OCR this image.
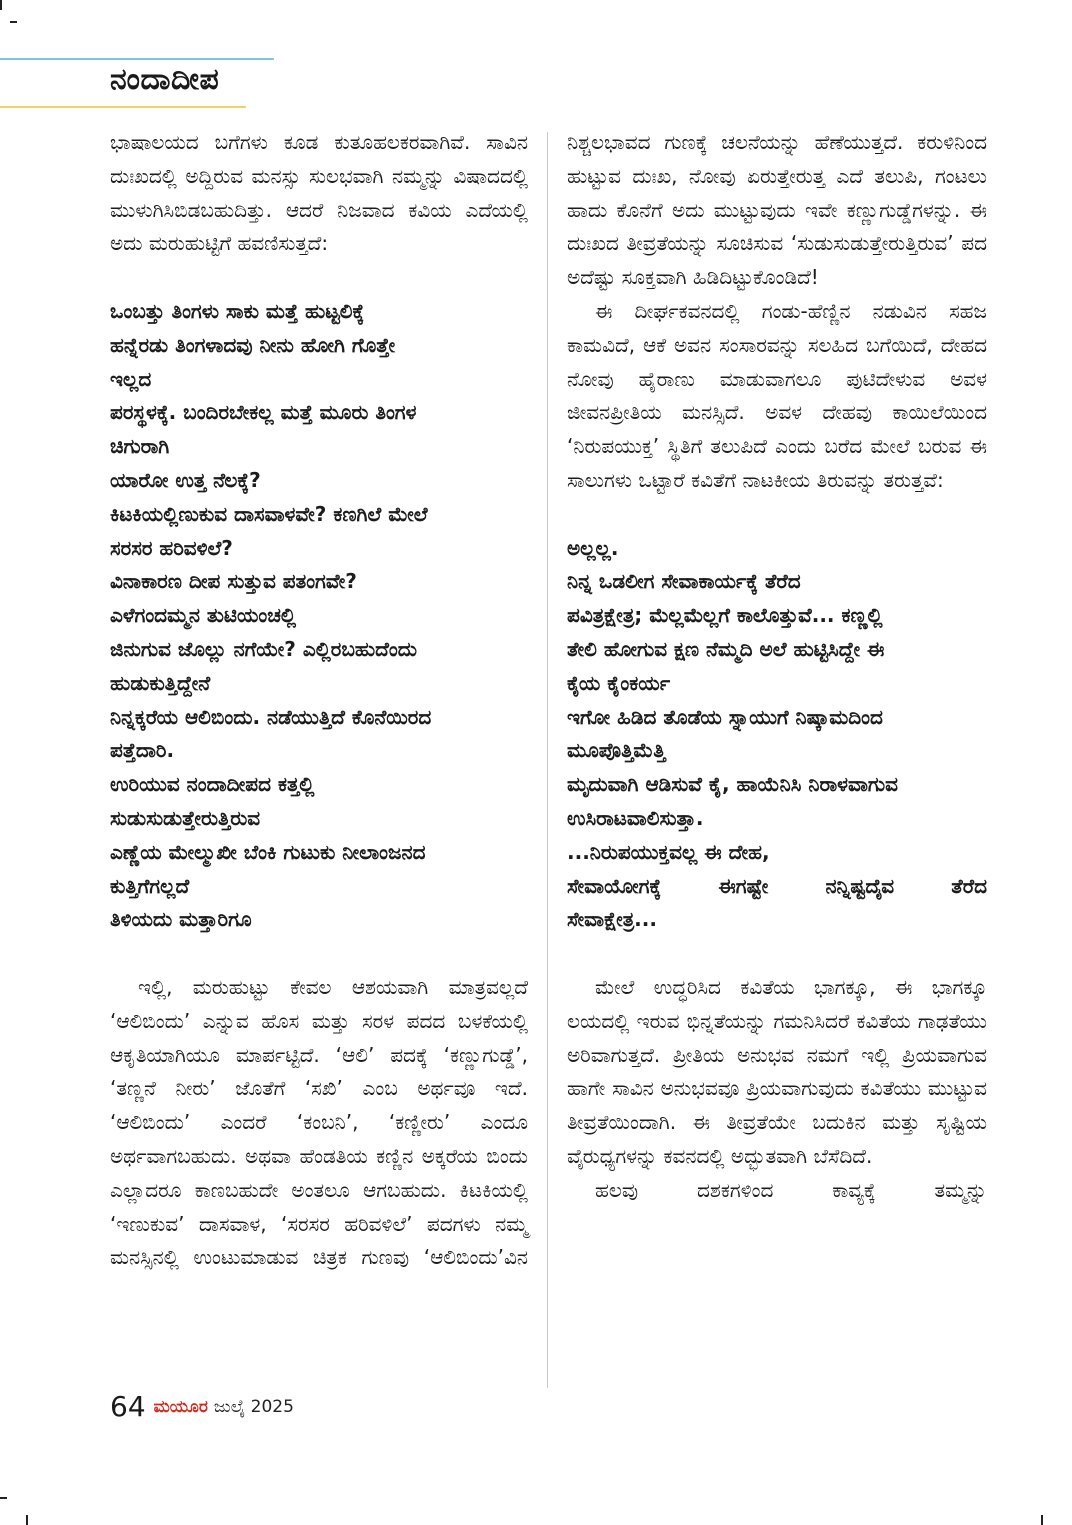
ನಂದಾದೀಪ

ಭಾಷಾಲಯದ ಬಗೆಗಳು ಕೂಡ ಕುತೂಹಲಕರವಾಗಿವೆ. ಸಾವಿನ ದುಃಖದಲ್ಲಿ ಅದ್ದಿರುವ ಮನಸ್ಸು ಸುಲಭವಾಗಿ ನಮ್ಮನ್ನು ವಿಷಾದದಲ್ಲಿ ಮುಳುಗಿಸಿಬಿಡಬಹುದಿತ್ತು. ಆದರೆ ನಿಜವಾದ ಕವಿಯ ಎದೆಯಲ್ಲಿ ಅದು ಮರುಹುಟ್ಟಿಗೆ ಹವಣಿಸುತ್ತದೆ:

ಒಂಬತ್ತು ತಿಂಗಳು ಸಾಕು ಮತ್ತೆ ಹುಟ್ಟಲಿಕ್ಕೆ
ಹನ್ನೆರಡು ತಿಂಗಳಾದವು ನೀನು ಹೋಗಿ ಗೊತ್ತೇ
ಇಲ್ಲದ
ಪರಸ್ಥಳಕ್ಕೆ. ಬಂದಿರಬೇಕಲ್ಲ ಮತ್ತೆ ಮೂರು ತಿಂಗಳ
ಚಿಗುರಾಗಿ
ಯಾರೋ ಉತ್ತ ನೆಲಕ್ಕೆ?
ಕಿಟಕಿಯಲ್ಲಿಣುಕುವ ದಾಸವಾಳವೇ? ಕಣಗಿಲೆ ಮೇಲೆ
ಸರಸರ ಹರಿವಳಿಲೆ?
ವಿನಾಕಾರಣ ದೀಪ ಸುತ್ತುವ ಪತಂಗವೇ?
ಎಳೆಗಂದಮ್ಮನ ತುಟಿಯಂಚಲ್ಲಿ
ಜಿನುಗುವ ಜೊಲ್ಲು ನಗೆಯೇ? ಎಲ್ಲಿರಬಹುದೆಂದು
ಹುಡುಕುತ್ತಿದ್ದೇನೆ
ನಿನ್ನಕ್ಕರೆಯ ಆಲಿಬಿಂದು. ನಡೆಯುತ್ತಿದೆ ಕೊನೆಯಿರದ
ಪತ್ತೆದಾರಿ.
ಉರಿಯುವ ನಂದಾದೀಪದ ಕತ್ತಲ್ಲಿ
ಸುಡುಸುಡುತ್ತೇರುತ್ತಿರುವ
ಎಣ್ಣೆಯ ಮೇಲ್ಮುಖೀ ಬೆಂಕಿ ಗುಟುಕು ನೀಲಾಂಜನದ
ಕುತ್ತಿಗೆಗಲ್ಲದೆ
ತಿಳಿಯದು ಮತ್ತಾರಿಗೂ

ಇಲ್ಲಿ, ಮರುಹುಟ್ಟು ಕೇವಲ ಆಶಯವಾಗಿ ಮಾತ್ರವಲ್ಲದೆ ‘ಆಲಿಬಿಂದು’ ಎನ್ನುವ ಹೊಸ ಮತ್ತು ಸರಳ ಪದದ ಬಳಕೆಯಲ್ಲಿ ಆಕೃತಿಯಾಗಿಯೂ ಮಾರ್ಪಟ್ಟಿದೆ. ‘ಆಲಿ’ ಪದಕ್ಕೆ ‘ಕಣ್ಣುಗುಡ್ಡೆ’, ‘ತಣ್ಣನೆ ನೀರು’ ಜೊತೆಗೆ ‘ಸಖಿ’ ಎಂಬ ಅರ್ಥವೂ ಇದೆ. ‘ಆಲಿಬಿಂದು’ ಎಂದರೆ ‘ಕಂಬನಿ’, ‘ಕಣ್ಣೀರು’ ಎಂದೂ ಅರ್ಥವಾಗಬಹುದು. ಅಥವಾ ಹೆಂಡತಿಯ ಕಣ್ಣಿನ ಅಕ್ಕರೆಯ ಬಿಂದು ಎಲ್ಲಾದರೂ ಕಾಣಬಹುದೇ ಅಂತಲೂ ಆಗಬಹುದು. ಕಿಟಕಿಯಲ್ಲಿ ‘ಇಣುಕುವ’ ದಾಸವಾಳ, ‘ಸರಸರ ಹರಿವಳಿಲೆ’ ಪದಗಳು ನಮ್ಮ ಮನಸ್ಸಿನಲ್ಲಿ ಉಂಟುಮಾಡುವ ಚಿತ್ರಕ ಗುಣವು ‘ಆಲಿಬಿಂದು’ವಿನ

ನಿಶ್ಚಲಭಾವದ ಗುಣಕ್ಕೆ ಚಲನೆಯನ್ನು ಹೆಣೆಯುತ್ತದೆ. ಕರುಳಿನಿಂದ ಹುಟ್ಟುವ ದುಃಖ, ನೋವು ಏರುತ್ತೇರುತ್ತ ಎದೆ ತಲುಪಿ, ಗಂಟಲು ಹಾದು ಕೊನೆಗೆ ಅದು ಮುಟ್ಟುವುದು ಇವೇ ಕಣ್ಣುಗುಡ್ಡೆಗಳನ್ನು. ಈ ದುಃಖದ ತೀವ್ರತೆಯನ್ನು ಸೂಚಿಸುವ ‘ಸುಡುಸುಡುತ್ತೇರುತ್ತಿರುವ’ ಪದ ಅದೆಷ್ಟು ಸೂಕ್ತವಾಗಿ ಹಿಡಿದಿಟ್ಟುಕೊಂಡಿದೆ!

ಈ ದೀರ್ಘಕವನದಲ್ಲಿ ಗಂಡು-ಹೆಣ್ಣಿನ ನಡುವಿನ ಸಹಜ ಕಾಮವಿದೆ, ಆಕೆ ಅವನ ಸಂಸಾರವನ್ನು ಸಲಹಿದ ಬಗೆಯಿದೆ, ದೇಹದ ನೋವು ಹೈರಾಣು ಮಾಡುವಾಗಲೂ ಪುಟಿದೇಳುವ ಅವಳ ಜೀವನಪ್ರೀತಿಯ ಮನಸ್ಸಿದೆ. ಅವಳ ದೇಹವು ಕಾಯಿಲೆಯಿಂದ ‘ನಿರುಪಯುಕ್ತ’ ಸ್ಥಿತಿಗೆ ತಲುಪಿದೆ ಎಂದು ಬರೆದ ಮೇಲೆ ಬರುವ ಈ ಸಾಲುಗಳು ಒಟ್ಟಾರೆ ಕವಿತೆಗೆ ನಾಟಕೀಯ ತಿರುವನ್ನು ತರುತ್ತವೆ:

ಅಲ್ಲಲ್ಲ.
ನಿನ್ನ ಒಡಲೀಗ ಸೇವಾಕಾರ್ಯಕ್ಕೆ ತೆರೆದ
ಪವಿತ್ರಕ್ಷೇತ್ರ; ಮೆಲ್ಲಮೆಲ್ಲಗೆ ಕಾಲೊತ್ತುವೆ... ಕಣ್ಣಲ್ಲಿ
ತೇಲಿ ಹೋಗುವ ಕ್ಷಣ ನೆಮ್ಮದಿ ಅಲೆ ಹುಟ್ಟಿಸಿದ್ದೇ ಈ
ಕೈಯ ಕೈಂಕರ್ಯ
ಇಗೋ ಹಿಡಿದ ತೊಡೆಯ ಸ್ನಾಯುಗೆ ನಿಷ್ಕಾಮದಿಂದ
ಮೂಪೊತ್ತಿಮೆತ್ತಿ
ಮೃದುವಾಗಿ ಆಡಿಸುವೆ ಕೈ, ಹಾಯೆನಿಸಿ ನಿರಾಳವಾಗುವ
ಉಸಿರಾಟವಾಲಿಸುತ್ತಾ.
...ನಿರುಪಯುಕ್ತವಲ್ಲ ಈ ದೇಹ,
ಸೇವಾಯೋಗಕ್ಕೆ ಈಗಷ್ಟೇ ನನ್ನಿಷ್ಟದೈವ ತೆರೆದ
ಸೇವಾಕ್ಷೇತ್ರ...

ಮೇಲೆ ಉದ್ಧರಿಸಿದ ಕವಿತೆಯ ಭಾಗಕ್ಕೂ, ಈ ಭಾಗಕ್ಕೂ ಲಯದಲ್ಲಿ ಇರುವ ಭಿನ್ನತೆಯನ್ನು ಗಮನಿಸಿದರೆ ಕವಿತೆಯ ಗಾಢತೆಯು ಅರಿವಾಗುತ್ತದೆ. ಪ್ರೀತಿಯ ಅನುಭವ ನಮಗೆ ಇಲ್ಲಿ ಪ್ರಿಯವಾಗುವ ಹಾಗೇ ಸಾವಿನ ಅನುಭವವೂ ಪ್ರಿಯವಾಗುವುದು ಕವಿತೆಯು ಮುಟ್ಟುವ ತೀವ್ರತೆಯಿಂದಾಗಿ. ಈ ತೀವ್ರತೆಯೇ ಬದುಕಿನ ಮತ್ತು ಸೃಷ್ಟಿಯ ವೈರುಧ್ಯಗಳನ್ನು ಕವನದಲ್ಲಿ ಅದ್ಭುತವಾಗಿ ಬೆಸೆದಿದೆ.

ಹಲವು ದಶಕಗಳಿಂದ ಕಾವ್ಯಕ್ಕೆ ತಮ್ಮನ್ನು

64 ಮಯೂರ ಜುಲೈ 2025
